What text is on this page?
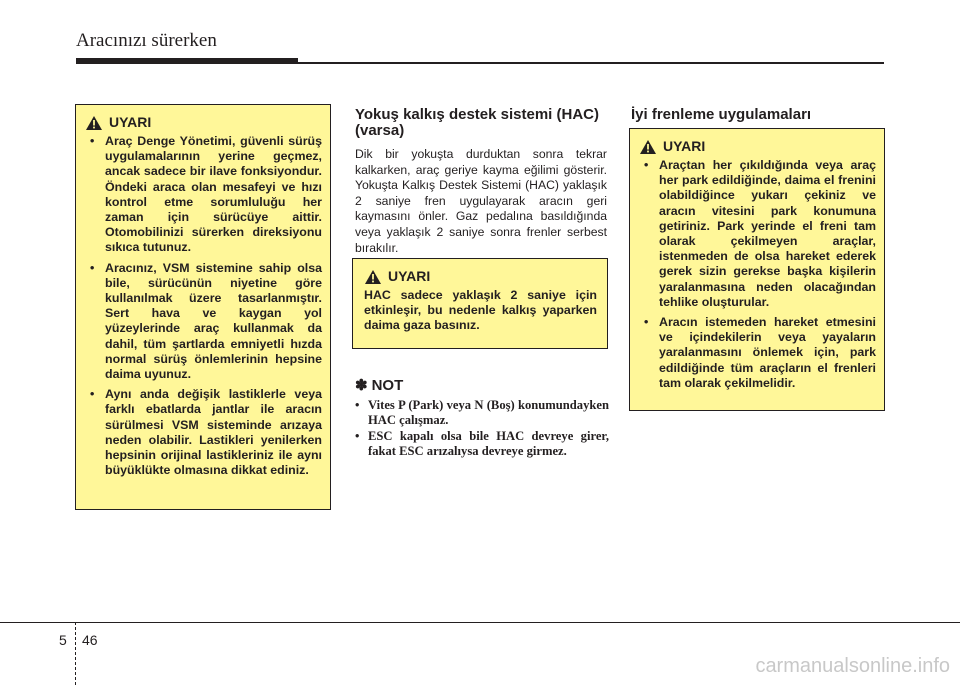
Aracınızı sürerken
UYARI
• Araç Denge Yönetimi, güvenli sürüş uygulamalarının yerine geçmez, ancak sadece bir ilave fonksiyondur. Öndeki araca olan mesafeyi ve hızı kontrol etme sorumluluğu her zaman için sürücüye aittir. Otomobilinizi sürerken direksiyonu sıkıca tutunuz.
• Aracınız, VSM sistemine sahip olsa bile, sürücünün niyetine göre kullanılmak üzere tasarlanmıştır. Sert hava ve kaygan yol yüzeylerinde araç kullanmak da dahil, tüm şartlarda emniyetli hızda normal sürüş önlemlerinin hepsine daima uyunuz.
• Aynı anda değişik lastiklerle veya farklı ebatlarda jantlar ile aracın sürülmesi VSM sisteminde arızaya neden olabilir. Lastikleri yenilerken hepsinin orijinal lastikleriniz ile aynı büyüklükte olmasına dikkat ediniz.
Yokuş kalkış destek sistemi (HAC) (varsa)
Dik bir yokuşta durduktan sonra tekrar kalkarken, araç geriye kayma eğilimi gösterir. Yokuşta Kalkış Destek Sistemi (HAC) yaklaşık 2 saniye fren uygulayarak aracın geri kaymasını önler. Gaz pedalına basıldığında veya yaklaşık 2 saniye sonra frenler serbest bırakılır.
UYARI
HAC sadece yaklaşık 2 saniye için etkinleşir, bu nedenle kalkış yaparken daima gaza basınız.
✽ NOT
• Vites P (Park) veya N (Boş) konumundayken HAC çalışmaz.
• ESC kapalı olsa bile HAC devreye girer, fakat ESC arızalıysa devreye girmez.
İyi frenleme uygulamaları
UYARI
• Araçtan her çıkıldığında veya araç her park edildiğinde, daima el frenini olabildiğince yukarı çekiniz ve aracın vitesini park konumuna getiriniz. Park yerinde el freni tam olarak çekilmeyen araçlar, istenmeden de olsa hareket ederek gerek sizin gerekse başka kişilerin yaralanmasına neden olacağından tehlike oluşturular.
• Aracın istemeden hareket etmesini ve içindekilerin veya yayaların yaralanmasını önlemek için, park edildiğinde tüm araçların el frenleri tam olarak çekilmelidir.
5 46
carmanualsonline.info
